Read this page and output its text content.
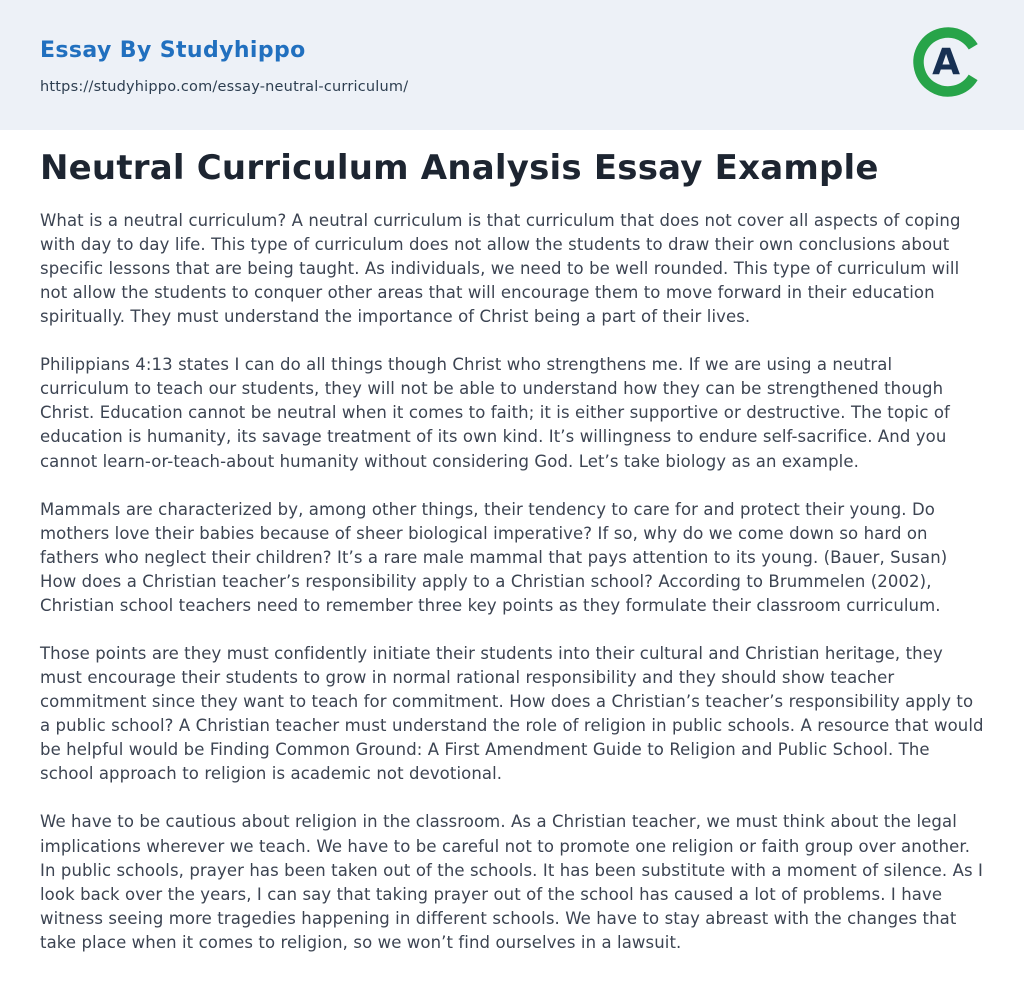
Essay By Studyhippo
https://studyhippo.com/essay-neutral-curriculum/
A
Neutral Curriculum Analysis Essay Example

What is a neutral curriculum? A neutral curriculum is that curriculum that does not cover all aspects of coping with day to day life. This type of curriculum does not allow the students to draw their own conclusions about specific lessons that are being taught. As individuals, we need to be well rounded. This type of curriculum will not allow the students to conquer other areas that will encourage them to move forward in their education spiritually. They must understand the importance of Christ being a part of their lives.

Philippians 4:13 states I can do all things though Christ who strengthens me. If we are using a neutral curriculum to teach our students, they will not be able to understand how they can be strengthened though Christ. Education cannot be neutral when it comes to faith; it is either supportive or destructive. The topic of education is humanity, its savage treatment of its own kind. It’s willingness to endure self-sacrifice. And you cannot learn-or-teach-about humanity without considering God. Let’s take biology as an example.

Mammals are characterized by, among other things, their tendency to care for and protect their young. Do mothers love their babies because of sheer biological imperative? If so, why do we come down so hard on fathers who neglect their children? It’s a rare male mammal that pays attention to its young. (Bauer, Susan) How does a Christian teacher’s responsibility apply to a Christian school? According to Brummelen (2002), Christian school teachers need to remember three key points as they formulate their classroom curriculum.

Those points are they must confidently initiate their students into their cultural and Christian heritage, they must encourage their students to grow in normal rational responsibility and they should show teacher commitment since they want to teach for commitment. How does a Christian’s teacher’s responsibility apply to a public school? A Christian teacher must understand the role of religion in public schools. A resource that would be helpful would be Finding Common Ground: A First Amendment Guide to Religion and Public School. The school approach to religion is academic not devotional.

We have to be cautious about religion in the classroom. As a Christian teacher, we must think about the legal implications wherever we teach. We have to be careful not to promote one religion or faith group over another. In public schools, prayer has been taken out of the schools. It has been substitute with a moment of silence. As I look back over the years, I can say that taking prayer out of the school has caused a lot of problems. I have witness seeing more tragedies happening in different schools. We have to stay abreast with the changes that take place when it comes to religion, so we won’t find ourselves in a lawsuit.
